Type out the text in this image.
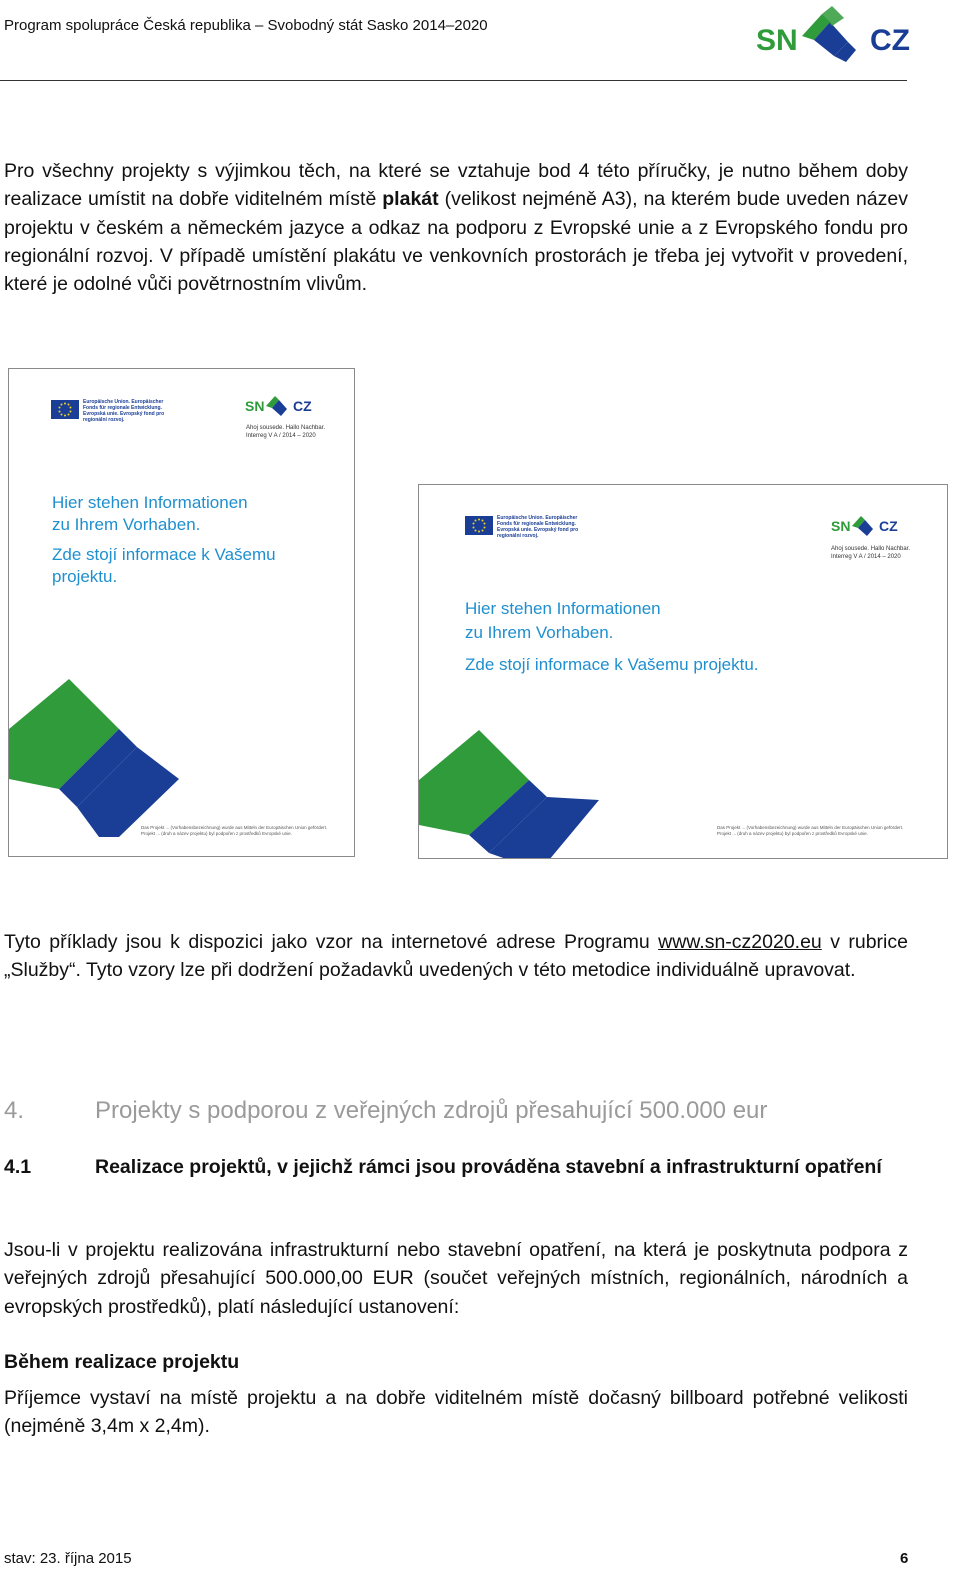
Program spolupráce Česká republika – Svobodný stát Sasko 2014–2020	SN CZ

Pro všechny projekty s výjimkou těch, na které se vztahuje bod 4 této příručky, je nutno během doby realizace umístit na dobře viditelném místě plakát (velikost nejméně A3), na kterém bude uveden název projektu v českém a německém jazyce a odkaz na podporu z Evropské unie a z Evropského fondu pro regionální rozvoj. V případě umístění plakátu ve venkovních prostorách je třeba jej vytvořit v provedení, které je odolné vůči povětrnostním vlivům.

Europäische Union. Europäischer
Fonds für regionale Entwicklung.
Evropská unie. Evropský fond pro
regionální rozvoj.
SN CZ
Ahoj sousede. Hallo Nachbar.
Interreg V A / 2014 – 2020
Hier stehen Informationen
zu Ihrem Vorhaben.
Zde stojí informace k Vašemu
projektu.
Das Projekt ... (Vorhabensbezeichnung) wurde aus Mitteln der Europäischen Union gefördert.
Projekt ... (druh a název projektu) byl podpořen z prostředků Evropské unie.
Europäische Union. Europäischer
Fonds für regionale Entwicklung.
Evropská unie. Evropský fond pro
regionální rozvoj.
SN CZ
Ahoj sousede. Hallo Nachbar.
Interreg V A / 2014 – 2020
Hier stehen Informationen
zu Ihrem Vorhaben.
Zde stojí informace k Vašemu projektu.
Das Projekt ... (Vorhabensbezeichnung) wurde aus Mitteln der Europäischen Union gefördert.
Projekt ... (druh a název projektu) byl podpořen z prostředků Evropské unie.

Tyto příklady jsou k dispozici jako vzor na internetové adrese Programu www.sn-cz2020.eu v rubrice „Služby“. Tyto vzory lze při dodržení požadavků uvedených v této metodice individuálně upravovat.

4.	Projekty s podporou z veřejných zdrojů přesahující 500.000 eur
4.1	Realizace projektů, v jejichž rámci jsou prováděna stavební a infrastrukturní opatření

Jsou-li v projektu realizována infrastrukturní nebo stavební opatření, na která je poskytnuta podpora z veřejných zdrojů přesahující 500.000,00 EUR (součet veřejných místních, regionálních, národních a evropských prostředků), platí následující ustanovení:

Během realizace projektu

Příjemce vystaví na místě projektu a na dobře viditelném místě dočasný billboard potřebné velikosti (nejméně 3,4m x 2,4m).

stav: 23. října 2015	6
